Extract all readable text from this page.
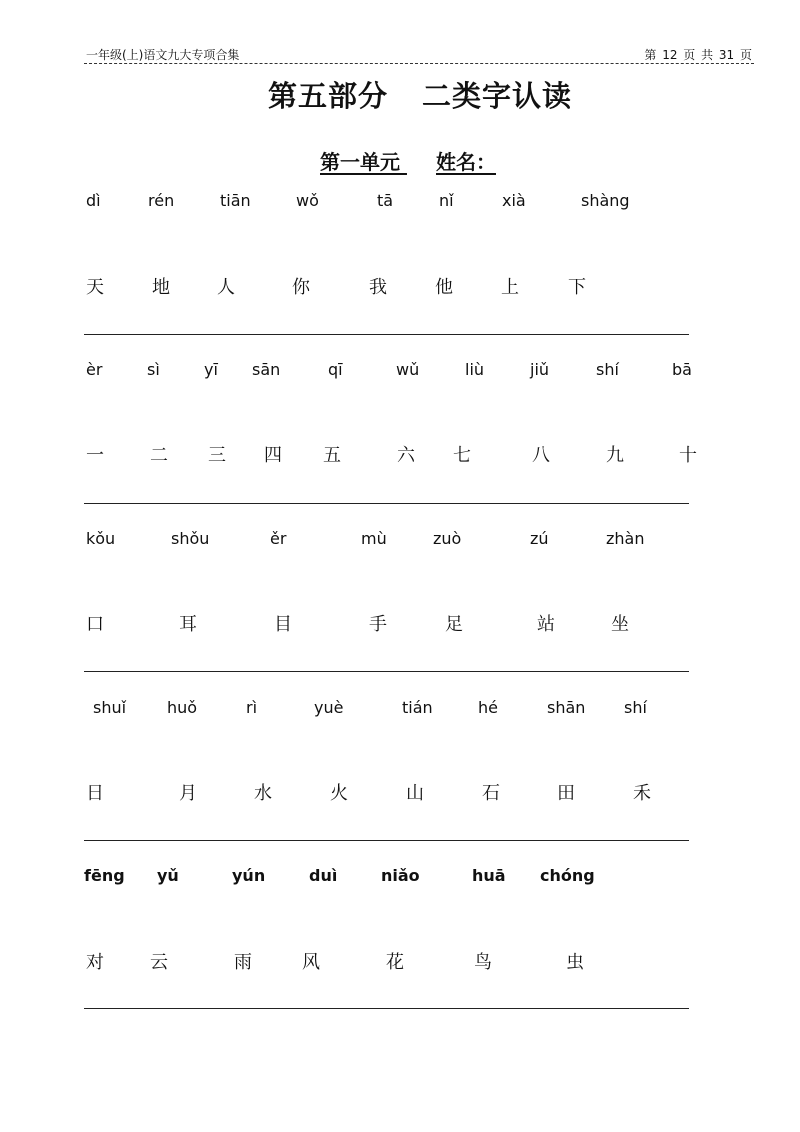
一年级(上)语文九大专项合集	第 12 页 共 31 页
第五部分 二类字认读
第一单元 姓名：
dì	rén	tiān	wǒ	tā	nǐ	xià	shàng
天	地	人	你	我	他	上	下
èr	sì	yī sān	qī	wǔ	liù	jiǔ	shí	bā
一	二 三 四 五	六 七	八	九	十
kǒu	shǒu	ěr	mù	zuò	zú	zhàn
口	耳	目	手	足	站	坐
shuǐ	huǒ	rì	yuè	tián	hé	shān shí
日	月	水	火	山	石	田	禾
fēng yǔ	yún	duì	niǎo	huā chóng
对	云	雨	风	花	鸟	虫
